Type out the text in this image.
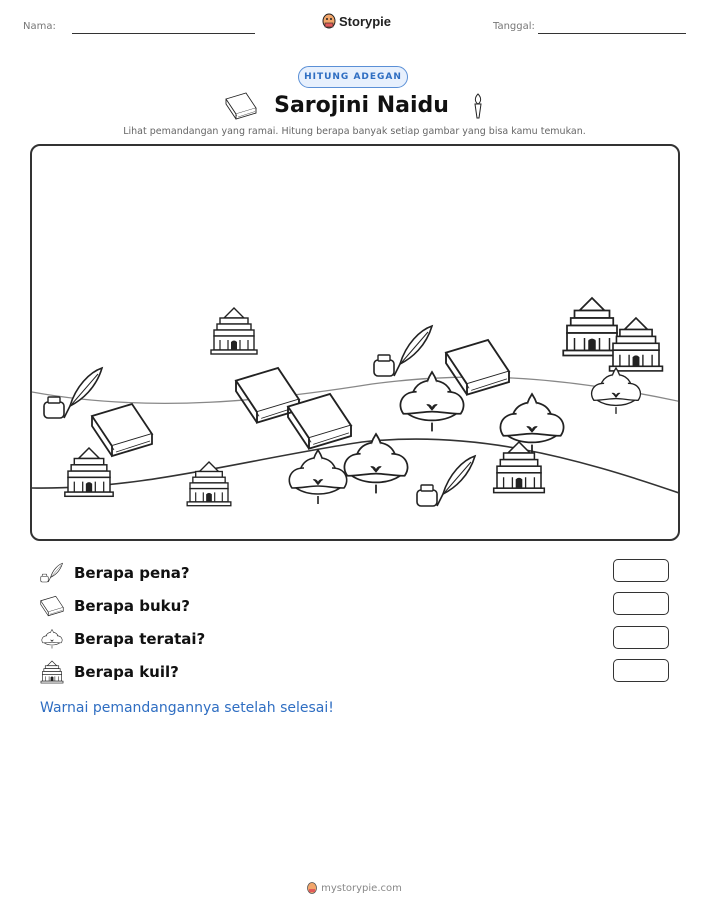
Nama:	Storypie	Tanggal:
HITUNG ADEGAN
Sarojini Naidu
Lihat pemandangan yang ramai. Hitung berapa banyak setiap gambar yang bisa kamu temukan.
Berapa pena?
Berapa buku?
Berapa teratai?
Berapa kuil?
Warnai pemandangannya setelah selesai!
mystorypie.com
